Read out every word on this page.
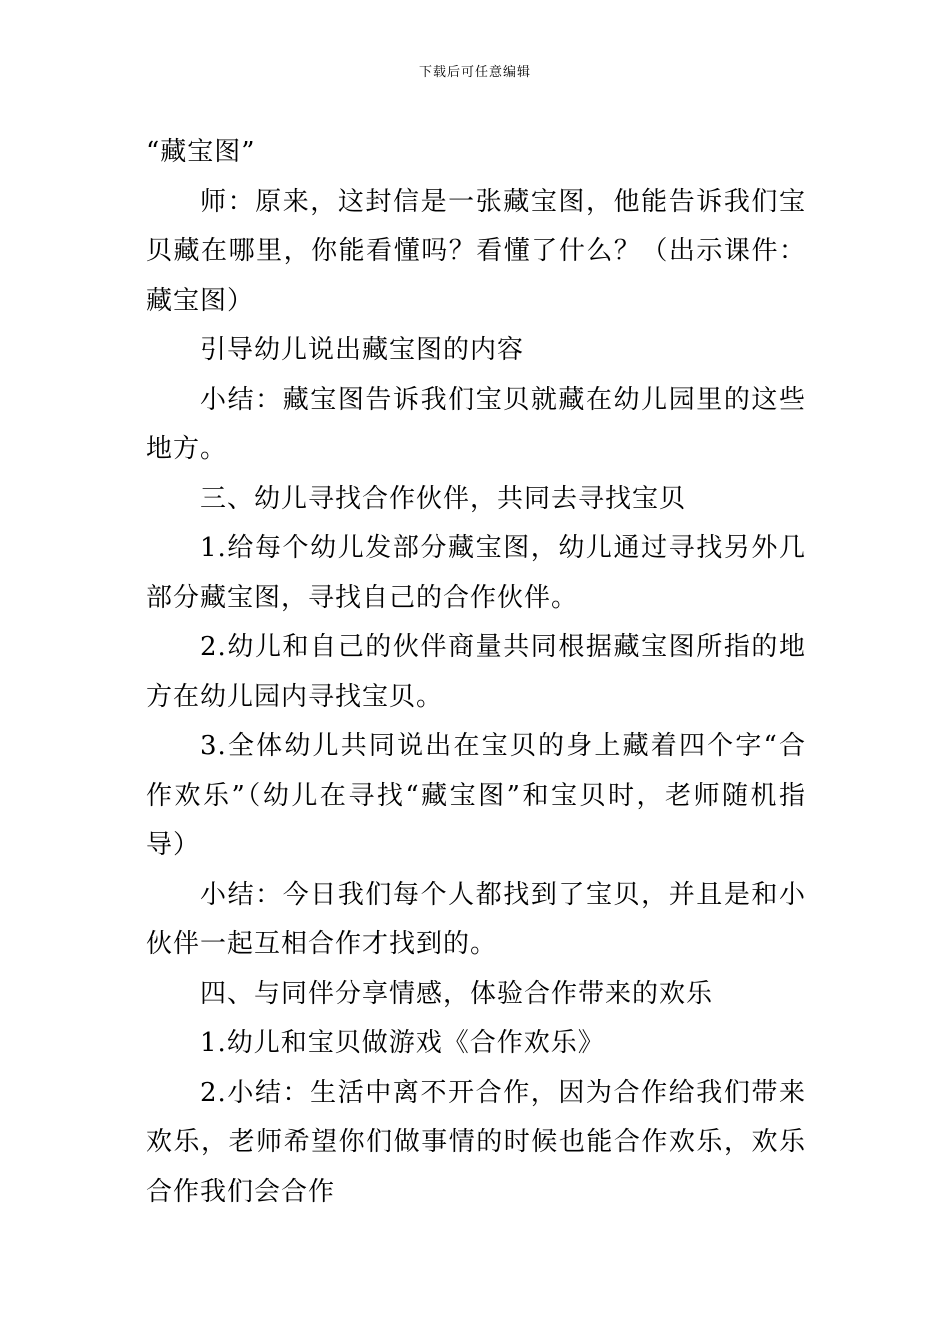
下载后可任意编辑

“藏宝图”

师：原来，这封信是一张藏宝图，他能告诉我们宝贝藏在哪里，你能看懂吗？看懂了什么？（出示课件：藏宝图）

引导幼儿说出藏宝图的内容

小结：藏宝图告诉我们宝贝就藏在幼儿园里的这些地方。

三、幼儿寻找合作伙伴，共同去寻找宝贝

1.给每个幼儿发部分藏宝图，幼儿通过寻找另外几部分藏宝图，寻找自己的合作伙伴。

2.幼儿和自己的伙伴商量共同根据藏宝图所指的地方在幼儿园内寻找宝贝。

3.全体幼儿共同说出在宝贝的身上藏着四个字“合作欢乐”（幼儿在寻找“藏宝图”和宝贝时，老师随机指导）

小结：今日我们每个人都找到了宝贝，并且是和小伙伴一起互相合作才找到的。

四、与同伴分享情感，体验合作带来的欢乐

1.幼儿和宝贝做游戏《合作欢乐》

2.小结：生活中离不开合作，因为合作给我们带来欢乐，老师希望你们做事情的时候也能合作欢乐，欢乐合作我们会合作
